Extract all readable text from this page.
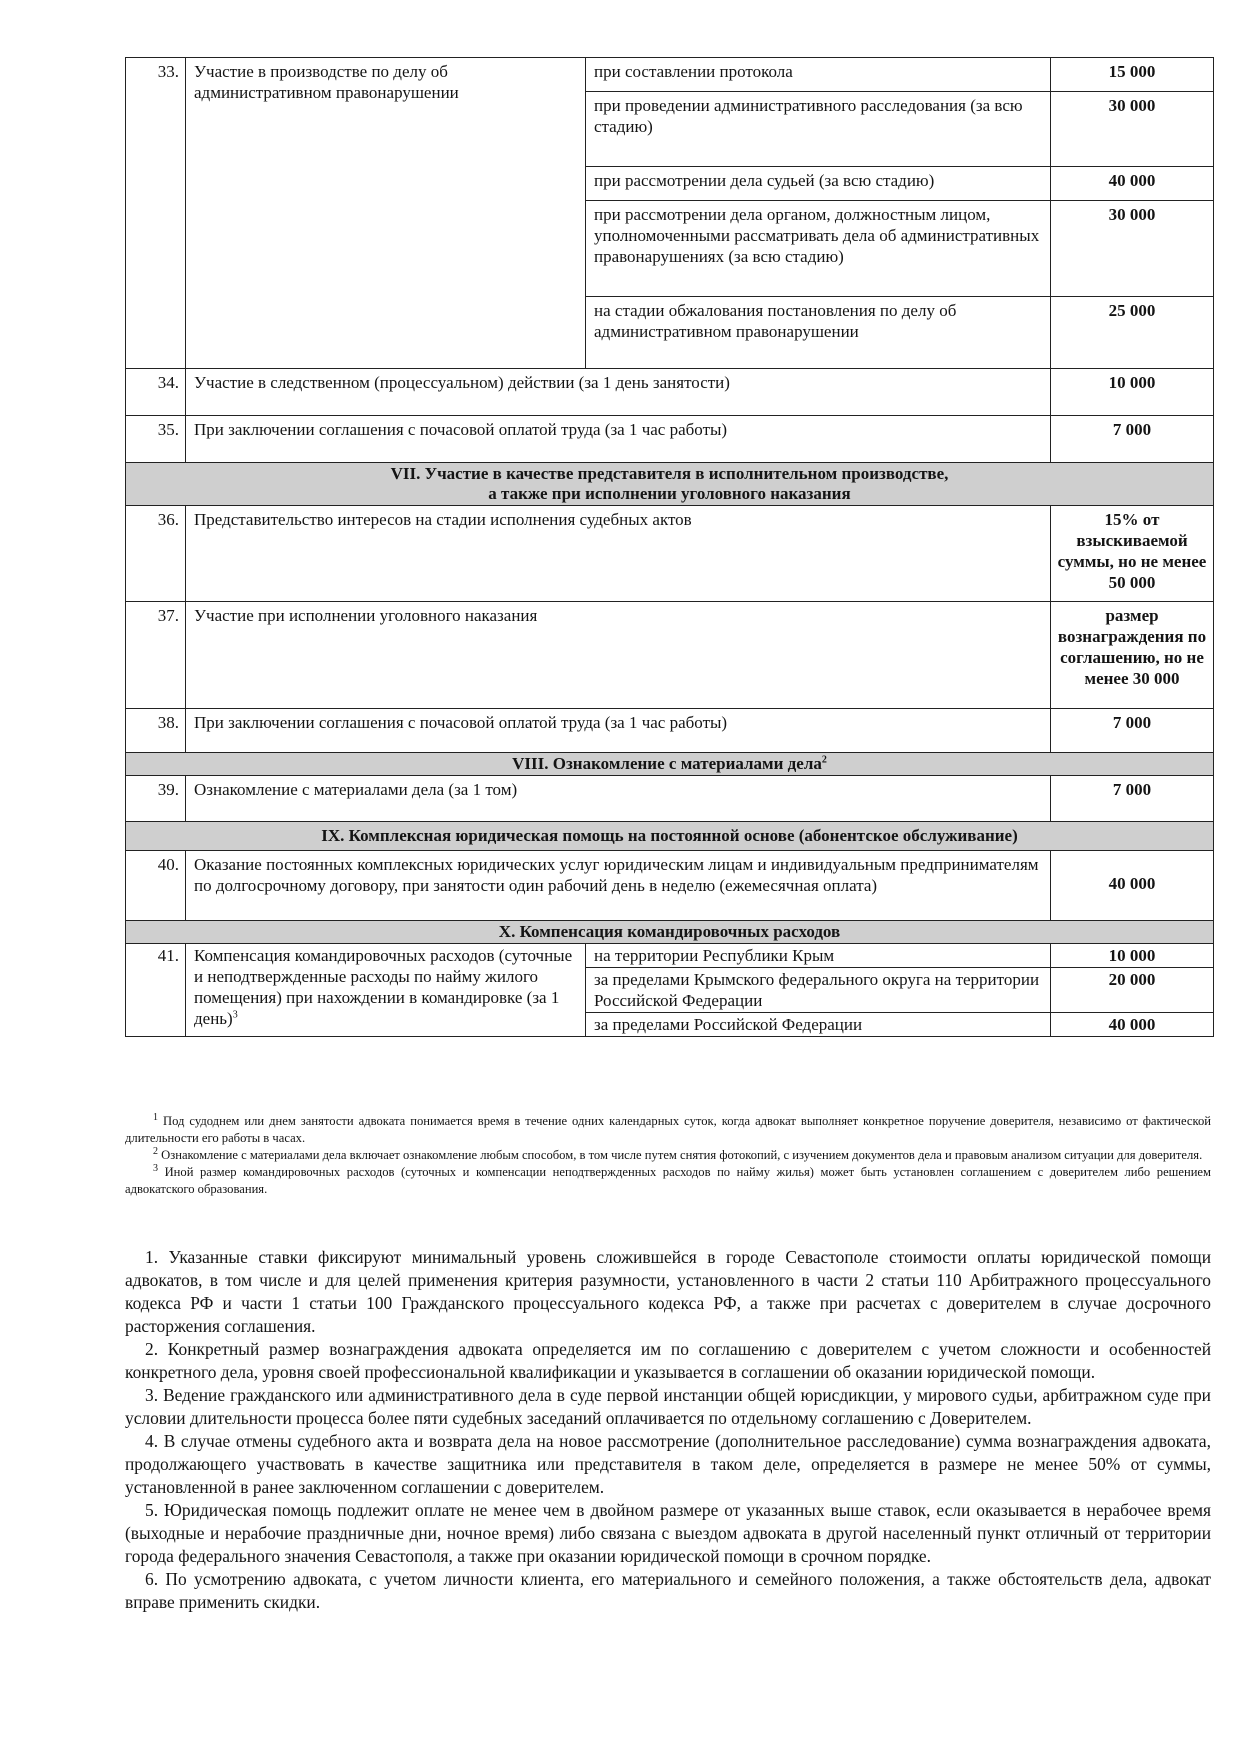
33.	Участие в производстве по делу об административном правонарушении	при составлении протокола	15 000
		при проведении административного расследования (за всю стадию)	30 000
		при рассмотрении дела судьей (за всю стадию)	40 000
		при рассмотрении дела органом, должностным лицом, уполномоченными рассматривать дела об административных правонарушениях (за всю стадию)	30 000
		на стадии обжалования постановления по делу об административном правонарушении	25 000
34.	Участие в следственном (процессуальном) действии (за 1 день занятости)		10 000
35.	При заключении соглашения с почасовой оплатой труда (за 1 час работы)		7 000
VII. Участие в качестве представителя в исполнительном производстве,
а также при исполнении уголовного наказания			
36.	Представительство интересов на стадии исполнения судебных актов		15% от взыскиваемой суммы, но не менее 50 000
37.	Участие при исполнении уголовного наказания		размер вознаграждения по соглашению, но не менее 30 000
38.	При заключении соглашения с почасовой оплатой труда (за 1 час работы)		7 000
VIII. Ознакомление с материалами дела$^2$
39.	Ознакомление с материалами дела (за 1 том)		7 000
IX. Комплексная юридическая помощь на постоянной основе (абонентское обслуживание)			
40.	Оказание постоянных комплексных юридических услуг юридическим лицам и индивидуальным предпринимателям по долгосрочному договору, при занятости один рабочий день в неделю (ежемесячная оплата)		40 000
X. Компенсация командировочных расходов			
41.	Компенсация командировочных расходов (суточные и неподтвержденные расходы по найму жилого помещения) при нахождении в командировке (за 1 день)$^3$	на территории Республики Крым	10 000
		за пределами Крымского федерального округа на территории Российской Федерации	20 000
		за пределами Российской Федерации	40 000

$^1$ Под судоднем или днем занятости адвоката понимается время в течение одних календарных суток, когда адвокат выполняет конкретное поручение доверителя, независимо от фактической длительности его работы в часах.

$^2$ Ознакомление с материалами дела включает ознакомление любым способом, в том числе путем снятия фотокопий, с изучением документов дела и правовым анализом ситуации для доверителя.

$^3$ Иной размер командировочных расходов (суточных и компенсации неподтвержденных расходов по найму жилья) может быть установлен соглашением с доверителем либо решением адвокатского образования.

1. Указанные ставки фиксируют минимальный уровень сложившейся в городе Севастополе стоимости оплаты юридической помощи адвокатов, в том числе и для целей применения критерия разумности, установленного в части 2 статьи 110 Арбитражного процессуального кодекса РФ и части 1 статьи 100 Гражданского процессуального кодекса РФ, а также при расчетах с доверителем в случае досрочного расторжения соглашения.

2. Конкретный размер вознаграждения адвоката определяется им по соглашению с доверителем с учетом сложности и особенностей конкретного дела, уровня своей профессиональной квалификации и указывается в соглашении об оказании юридической помощи.

3. Ведение гражданского или административного дела в суде первой инстанции общей юрисдикции, у мирового судьи, арбитражном суде при условии длительности процесса более пяти судебных заседаний оплачивается по отдельному соглашению с Доверителем.

4. В случае отмены судебного акта и возврата дела на новое рассмотрение (дополнительное расследование) сумма вознаграждения адвоката, продолжающего участвовать в качестве защитника или представителя в таком деле, определяется в размере не менее 50% от суммы, установленной в ранее заключенном соглашении с доверителем.

5. Юридическая помощь подлежит оплате не менее чем в двойном размере от указанных выше ставок, если оказывается в нерабочее время (выходные и нерабочие праздничные дни, ночное время) либо связана с выездом адвоката в другой населенный пункт отличный от территории города федерального значения Севастополя, а также при оказании юридической помощи в срочном порядке.

6. По усмотрению адвоката, с учетом личности клиента, его материального и семейного положения, а также обстоятельств дела, адвокат вправе применить скидки.
